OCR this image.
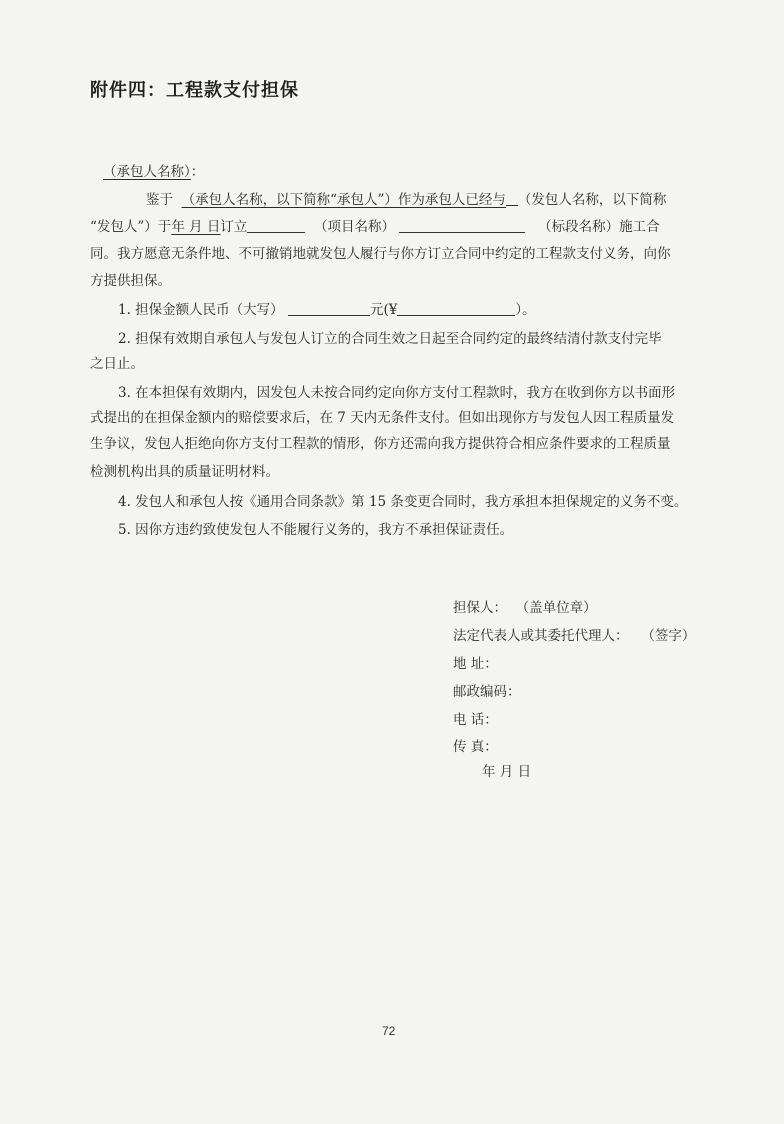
附件四：工程款支付担保
（承包人名称）：
鉴于 （承包人名称，以下简称“承包人”）作为承包人已经与 （发包人名称，以下简称
“发包人”）于年 月 日订立	（项目名称）	（标段名称）施工合
同。我方愿意无条件地、不可撤销地就发包人履行与你方订立合同中约定的工程款支付义务，向你
方提供担保。
1. 担保金额人民币（大写）	元(¥	）。
2. 担保有效期自承包人与发包人订立的合同生效之日起至合同约定的最终结清付款支付完毕
之日止。
3. 在本担保有效期内，因发包人未按合同约定向你方支付工程款时，我方在收到你方以书面形
式提出的在担保金额内的赔偿要求后，在 7 天内无条件支付。但如出现你方与发包人因工程质量发
生争议，发包人拒绝向你方支付工程款的情形，你方还需向我方提供符合相应条件要求的工程质量
检测机构出具的质量证明材料。
4. 发包人和承包人按《通用合同条款》第 15 条变更合同时，我方承担本担保规定的义务不变。
5. 因你方违约致使发包人不能履行义务的，我方不承担保证责任。
担保人： （盖单位章）
法定代表人或其委托代理人： （签字）
地 址：
邮政编码：
电 话：
传 真：
年 月 日
72
